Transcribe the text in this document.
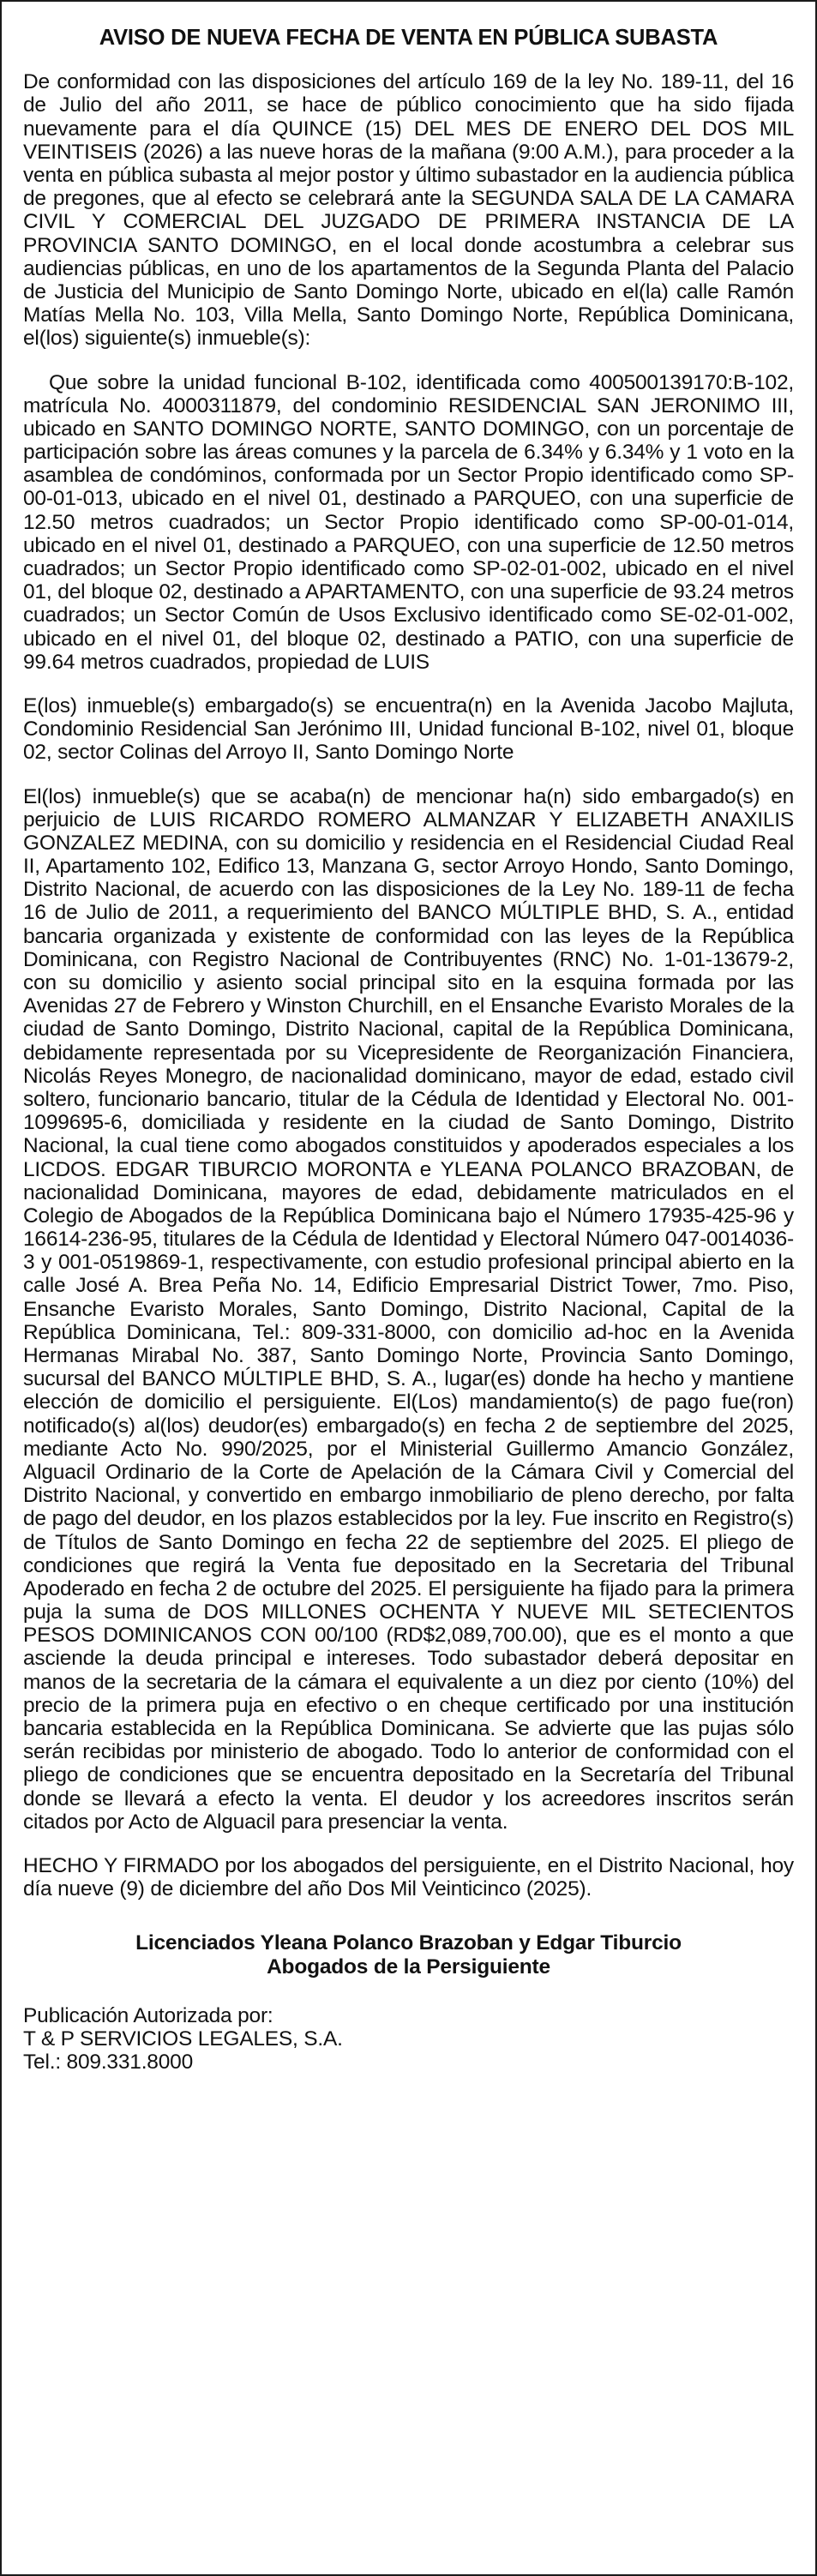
AVISO DE NUEVA FECHA DE VENTA EN PÚBLICA SUBASTA
De conformidad con las disposiciones del artículo 169 de la ley No. 189-11, del 16 de Julio del año 2011, se hace de público conocimiento que ha sido fijada nuevamente para el día QUINCE (15) DEL MES DE ENERO DEL DOS MIL VEINTISEIS (2026) a las nueve horas de la mañana (9:00 A.M.), para proceder a la venta en pública subasta al mejor postor y último subastador en la audiencia pública de pregones, que al efecto se celebrará ante la SEGUNDA SALA DE LA CAMARA CIVIL Y COMERCIAL DEL JUZGADO DE PRIMERA INSTANCIA DE LA PROVINCIA SANTO DOMINGO, en el local donde acostumbra a celebrar sus audiencias públicas, en uno de los apartamentos de la Segunda Planta del Palacio de Justicia del Municipio de Santo Domingo Norte, ubicado en el(la) calle Ramón Matías Mella No. 103, Villa Mella, Santo Domingo Norte, República Dominicana, el(los) siguiente(s) inmueble(s):
Que sobre la unidad funcional B-102, identificada como 400500139170:B-102, matrícula No. 4000311879, del condominio RESIDENCIAL SAN JERONIMO III, ubicado en SANTO DOMINGO NORTE, SANTO DOMINGO, con un porcentaje de participación sobre las áreas comunes y la parcela de 6.34% y 6.34% y 1 voto en la asamblea de condóminos, conformada por un Sector Propio identificado como SP-00-01-013, ubicado en el nivel 01, destinado a PARQUEO, con una superficie de 12.50 metros cuadrados; un Sector Propio identificado como SP-00-01-014, ubicado en el nivel 01, destinado a PARQUEO, con una superficie de 12.50 metros cuadrados; un Sector Propio identificado como SP-02-01-002, ubicado en el nivel 01, del bloque 02, destinado a APARTAMENTO, con una superficie de 93.24 metros cuadrados; un Sector Común de Usos Exclusivo identificado como SE-02-01-002, ubicado en el nivel 01, del bloque 02, destinado a PATIO, con una superficie de 99.64 metros cuadrados, propiedad de LUIS
E(los) inmueble(s) embargado(s) se encuentra(n) en la Avenida Jacobo Majluta, Condominio Residencial San Jerónimo III, Unidad funcional B-102, nivel 01, bloque 02, sector Colinas del Arroyo II, Santo Domingo Norte
El(los) inmueble(s) que se acaba(n) de mencionar ha(n) sido embargado(s) en perjuicio de LUIS RICARDO ROMERO ALMANZAR Y ELIZABETH ANAXILIS GONZALEZ MEDINA, con su domicilio y residencia en el Residencial Ciudad Real II, Apartamento 102, Edifico 13, Manzana G, sector Arroyo Hondo, Santo Domingo, Distrito Nacional, de acuerdo con las disposiciones de la Ley No. 189-11 de fecha 16 de Julio de 2011, a requerimiento del BANCO MÚLTIPLE BHD, S. A., entidad bancaria organizada y existente de conformidad con las leyes de la República Dominicana, con Registro Nacional de Contribuyentes (RNC) No. 1-01-13679-2, con su domicilio y asiento social principal sito en la esquina formada por las Avenidas 27 de Febrero y Winston Churchill, en el Ensanche Evaristo Morales de la ciudad de Santo Domingo, Distrito Nacional, capital de la República Dominicana, debidamente representada por su Vicepresidente de Reorganización Financiera, Nicolás Reyes Monegro, de nacionalidad dominicano, mayor de edad, estado civil soltero, funcionario bancario, titular de la Cédula de Identidad y Electoral No. 001-1099695-6, domiciliada y residente en la ciudad de Santo Domingo, Distrito Nacional, la cual tiene como abogados constituidos y apoderados especiales a los LICDOS. EDGAR TIBURCIO MORONTA e YLEANA POLANCO BRAZOBAN, de nacionalidad Dominicana, mayores de edad, debidamente matriculados en el Colegio de Abogados de la República Dominicana bajo el Número 17935-425-96 y 16614-236-95, titulares de la Cédula de Identidad y Electoral Número 047-0014036-3 y 001-0519869-1, respectivamente, con estudio profesional principal abierto en la calle José A. Brea Peña No. 14, Edificio Empresarial District Tower, 7mo. Piso, Ensanche Evaristo Morales, Santo Domingo, Distrito Nacional, Capital de la República Dominicana, Tel.: 809-331-8000, con domicilio ad-hoc en la Avenida Hermanas Mirabal No. 387, Santo Domingo Norte, Provincia Santo Domingo, sucursal del BANCO MÚLTIPLE BHD, S. A., lugar(es) donde ha hecho y mantiene elección de domicilio el persiguiente. El(Los) mandamiento(s) de pago fue(ron) notificado(s) al(los) deudor(es) embargado(s) en fecha 2 de septiembre del 2025, mediante Acto No. 990/2025, por el Ministerial Guillermo Amancio González, Alguacil Ordinario de la Corte de Apelación de la Cámara Civil y Comercial del Distrito Nacional, y convertido en embargo inmobiliario de pleno derecho, por falta de pago del deudor, en los plazos establecidos por la ley. Fue inscrito en Registro(s) de Títulos de Santo Domingo en fecha 22 de septiembre del 2025. El pliego de condiciones que regirá la Venta fue depositado en la Secretaria del Tribunal Apoderado en fecha 2 de octubre del 2025. El persiguiente ha fijado para la primera puja la suma de DOS MILLONES OCHENTA Y NUEVE MIL SETECIENTOS PESOS DOMINICANOS CON 00/100 (RD$2,089,700.00), que es el monto a que asciende la deuda principal e intereses. Todo subastador deberá depositar en manos de la secretaria de la cámara el equivalente a un diez por ciento (10%) del precio de la primera puja en efectivo o en cheque certificado por una institución bancaria establecida en la República Dominicana. Se advierte que las pujas sólo serán recibidas por ministerio de abogado. Todo lo anterior de conformidad con el pliego de condiciones que se encuentra depositado en la Secretaría del Tribunal donde se llevará a efecto la venta. El deudor y los acreedores inscritos serán citados por Acto de Alguacil para presenciar la venta.
HECHO Y FIRMADO por los abogados del persiguiente, en el Distrito Nacional, hoy día nueve (9) de diciembre del año Dos Mil Veinticinco (2025).
Licenciados Yleana Polanco Brazoban y Edgar Tiburcio
Abogados de la Persiguiente
Publicación Autorizada por:
T & P SERVICIOS LEGALES, S.A.
Tel.: 809.331.8000
